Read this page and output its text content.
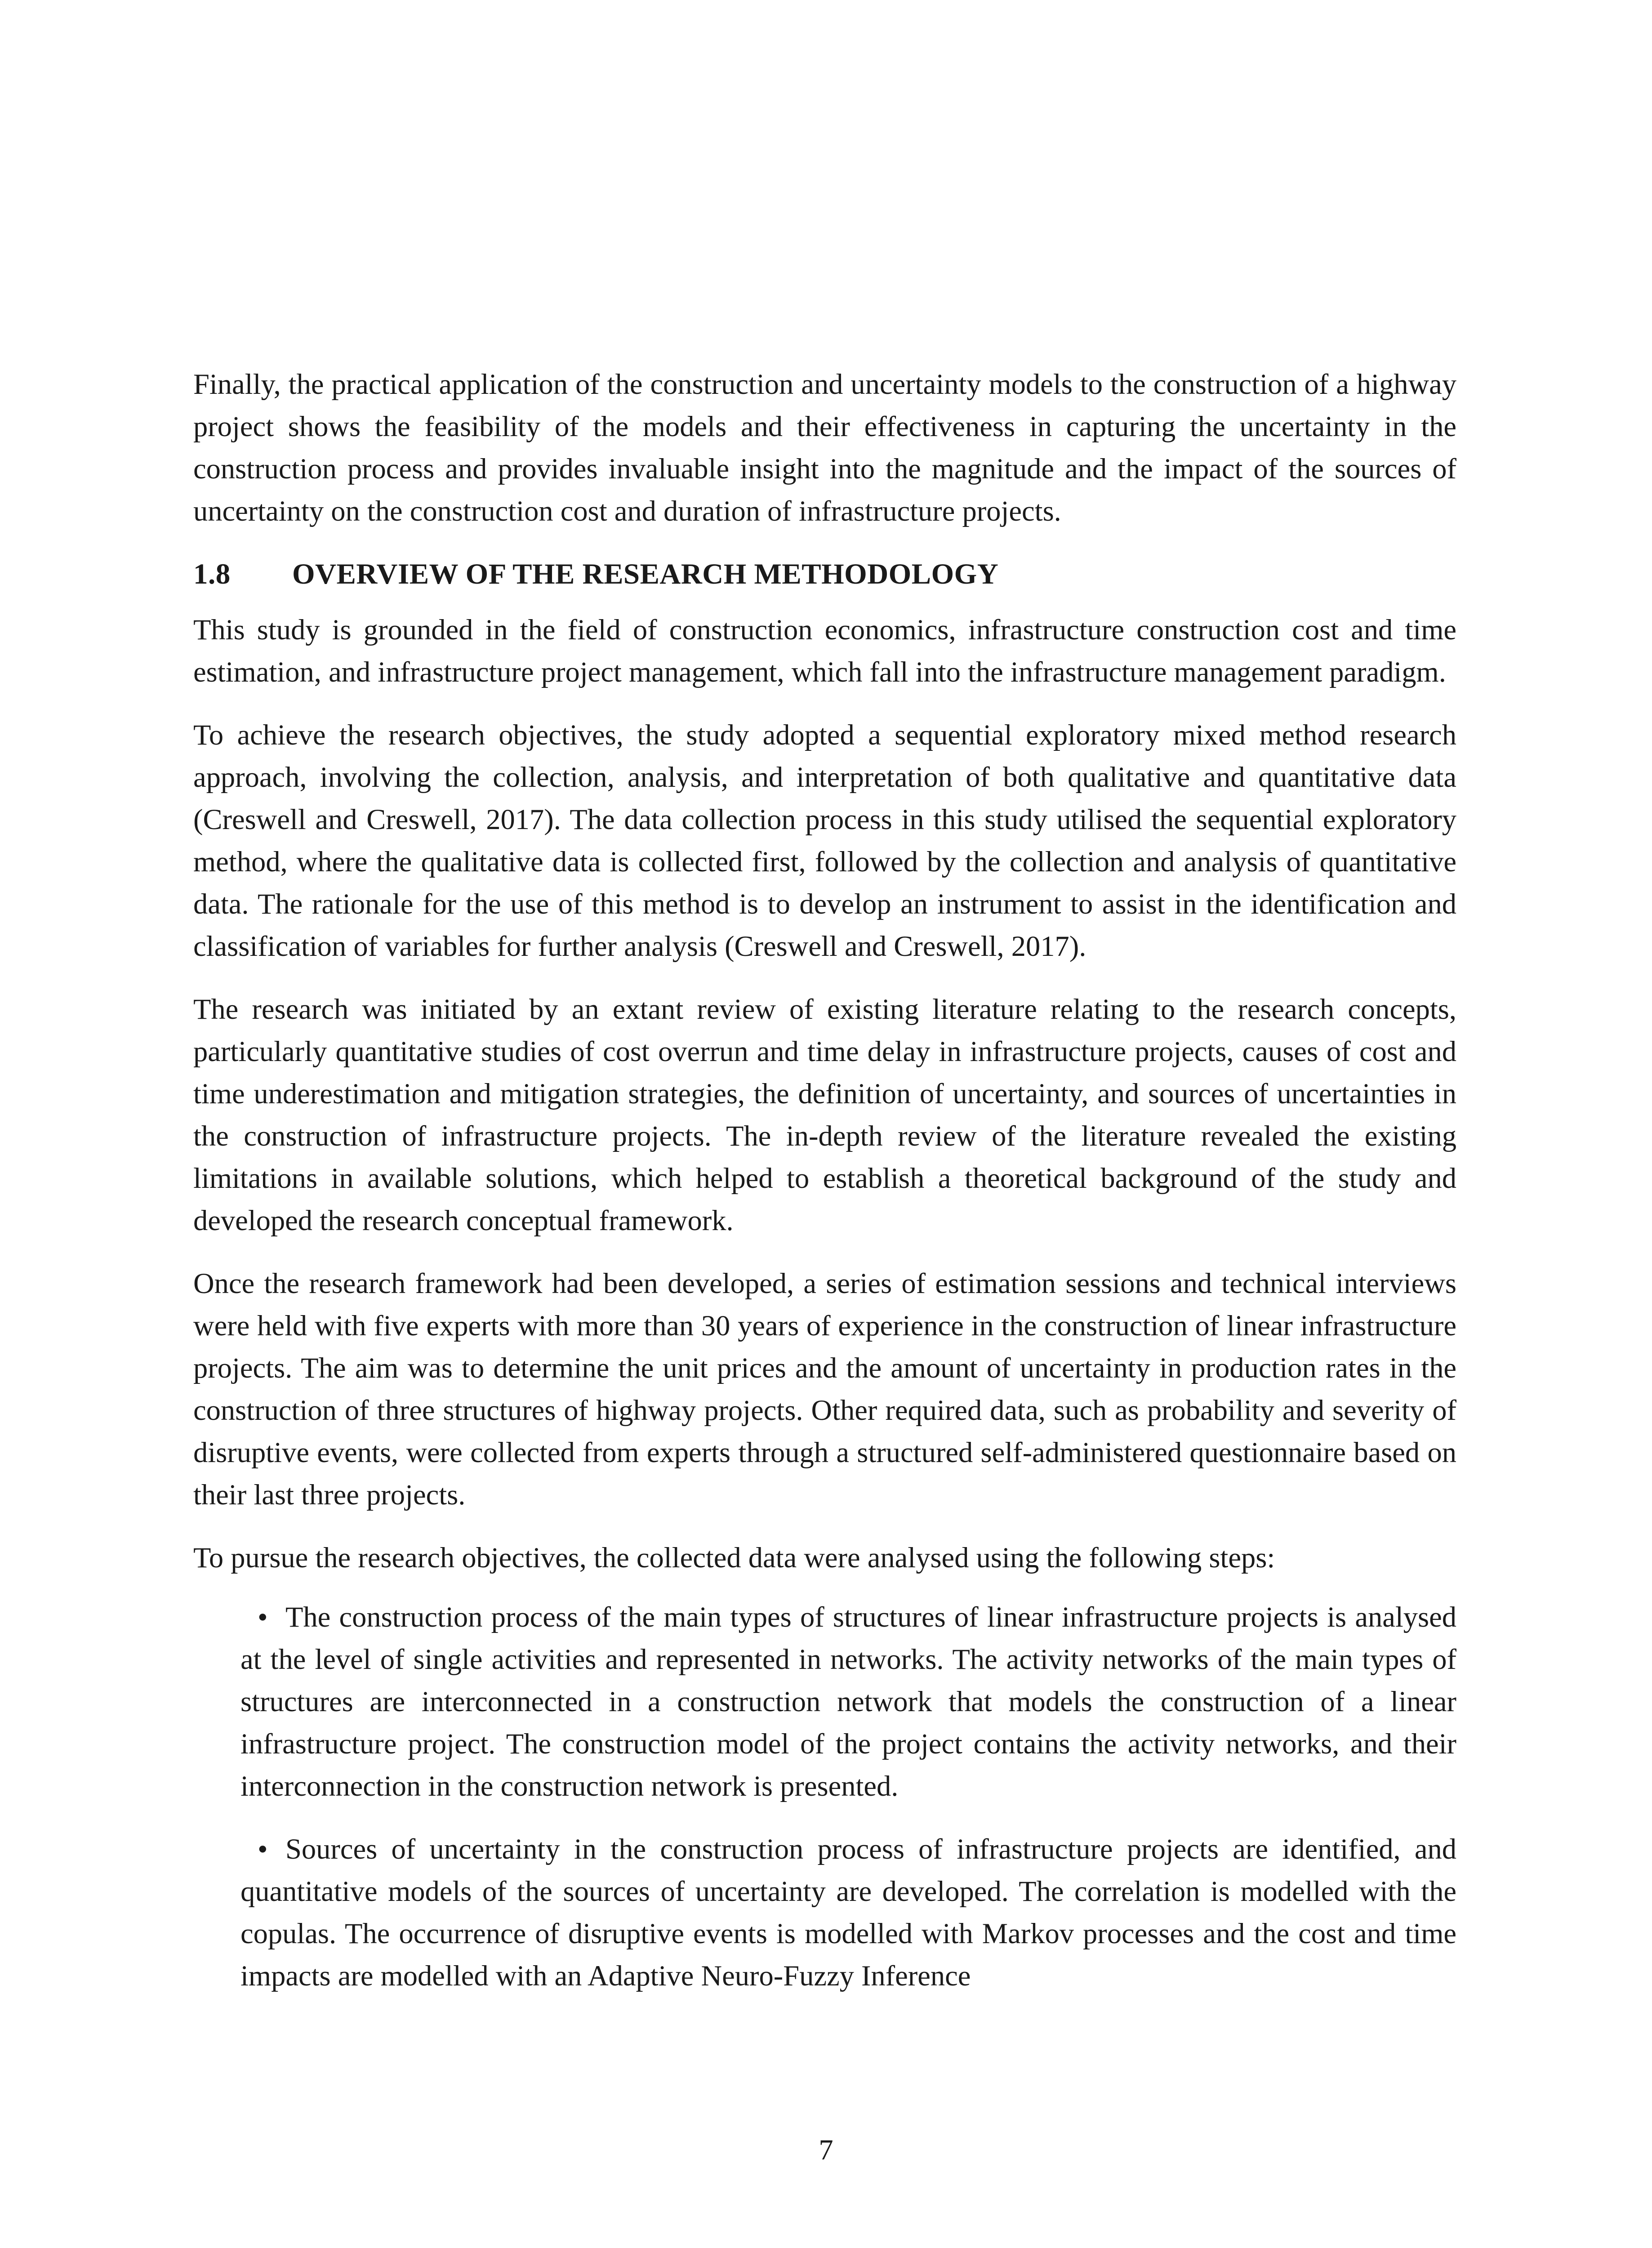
Finally, the practical application of the construction and uncertainty models to the construction of a highway project shows the feasibility of the models and their effectiveness in capturing the uncertainty in the construction process and provides invaluable insight into the magnitude and the impact of the sources of uncertainty on the construction cost and duration of infrastructure projects.

1.8	OVERVIEW OF THE RESEARCH METHODOLOGY

This study is grounded in the field of construction economics, infrastructure construction cost and time estimation, and infrastructure project management, which fall into the infrastructure management paradigm.

To achieve the research objectives, the study adopted a sequential exploratory mixed method research approach, involving the collection, analysis, and interpretation of both qualitative and quantitative data (Creswell and Creswell, 2017). The data collection process in this study utilised the sequential exploratory method, where the qualitative data is collected first, followed by the collection and analysis of quantitative data. The rationale for the use of this method is to develop an instrument to assist in the identification and classification of variables for further analysis (Creswell and Creswell, 2017).

The research was initiated by an extant review of existing literature relating to the research concepts, particularly quantitative studies of cost overrun and time delay in infrastructure projects, causes of cost and time underestimation and mitigation strategies, the definition of uncertainty, and sources of uncertainties in the construction of infrastructure projects. The in-depth review of the literature revealed the existing limitations in available solutions, which helped to establish a theoretical background of the study and developed the research conceptual framework.

Once the research framework had been developed, a series of estimation sessions and technical interviews were held with five experts with more than 30 years of experience in the construction of linear infrastructure projects. The aim was to determine the unit prices and the amount of uncertainty in production rates in the construction of three structures of highway projects. Other required data, such as probability and severity of disruptive events, were collected from experts through a structured self-administered questionnaire based on their last three projects.

To pursue the research objectives, the collected data were analysed using the following steps:

• The construction process of the main types of structures of linear infrastructure projects is analysed at the level of single activities and represented in networks. The activity networks of the main types of structures are interconnected in a construction network that models the construction of a linear infrastructure project. The construction model of the project contains the activity networks, and their interconnection in the construction network is presented.
• Sources of uncertainty in the construction process of infrastructure projects are identified, and quantitative models of the sources of uncertainty are developed. The correlation is modelled with the copulas. The occurrence of disruptive events is modelled with Markov processes and the cost and time impacts are modelled with an Adaptive Neuro-Fuzzy Inference
7
